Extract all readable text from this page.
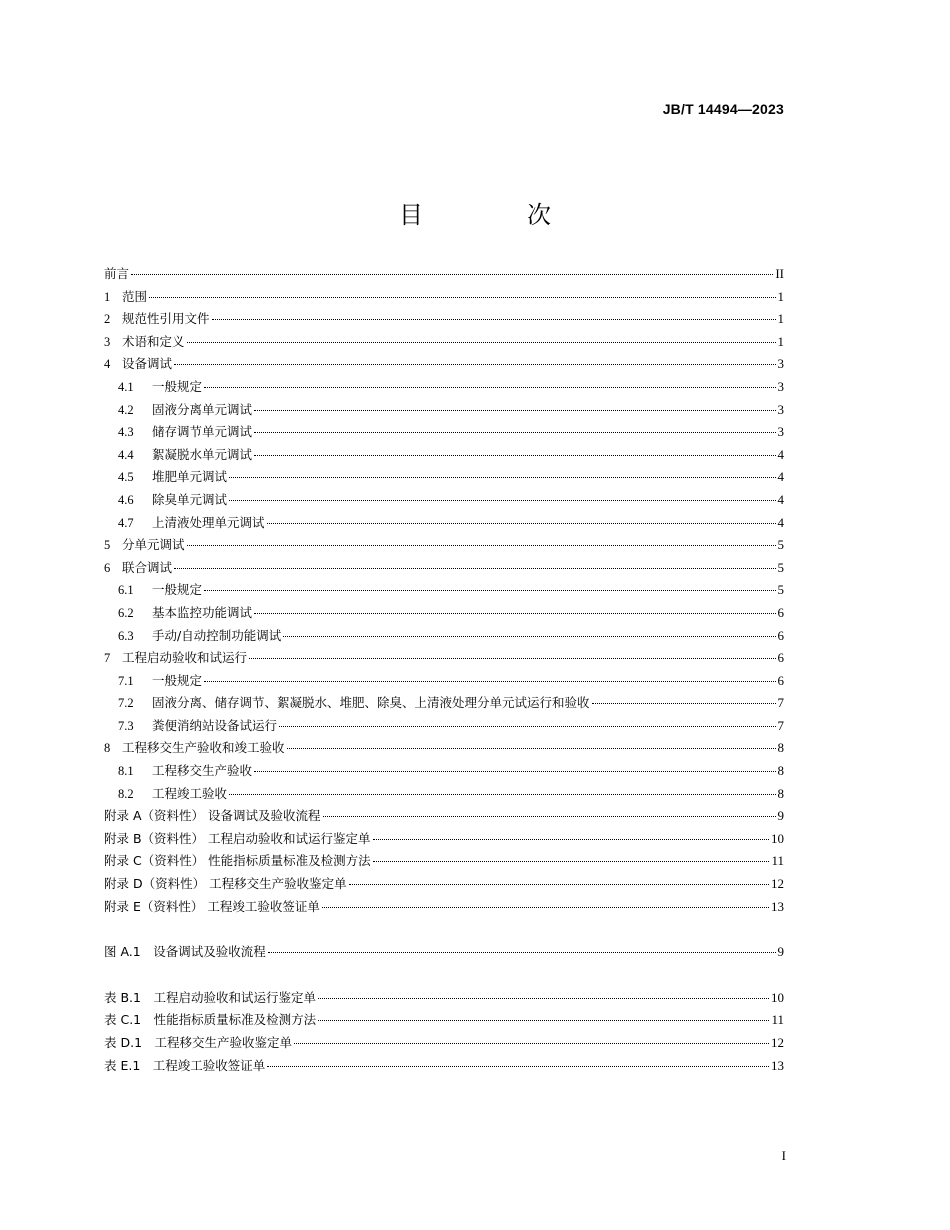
JB/T 14494—2023
目　次
前言	II
1 范围	1
2 规范性引用文件	1
3 术语和定义	1
4 设备调试	3
4.1 一般规定	3
4.2 固液分离单元调试	3
4.3 储存调节单元调试	3
4.4 絮凝脱水单元调试	4
4.5 堆肥单元调试	4
4.6 除臭单元调试	4
4.7 上清液处理单元调试	4
5 分单元调试	5
6 联合调试	5
6.1 一般规定	5
6.2 基本监控功能调试	6
6.3 手动/自动控制功能调试	6
7 工程启动验收和试运行	6
7.1 一般规定	6
7.2 固液分离、储存调节、絮凝脱水、堆肥、除臭、上清液处理分单元试运行和验收	7
7.3 粪便消纳站设备试运行	7
8 工程移交生产验收和竣工验收	8
8.1 工程移交生产验收	8
8.2 工程竣工验收	8
附录 A（资料性） 设备调试及验收流程	9
附录 B（资料性） 工程启动验收和试运行鉴定单	10
附录 C（资料性） 性能指标质量标准及检测方法	11
附录 D（资料性） 工程移交生产验收鉴定单	12
附录 E（资料性） 工程竣工验收签证单	13
图 A.1　设备调试及验收流程	9
表 B.1　工程启动验收和试运行鉴定单	10
表 C.1　性能指标质量标准及检测方法	11
表 D.1　工程移交生产验收鉴定单	12
表 E.1　工程竣工验收签证单	13
I
